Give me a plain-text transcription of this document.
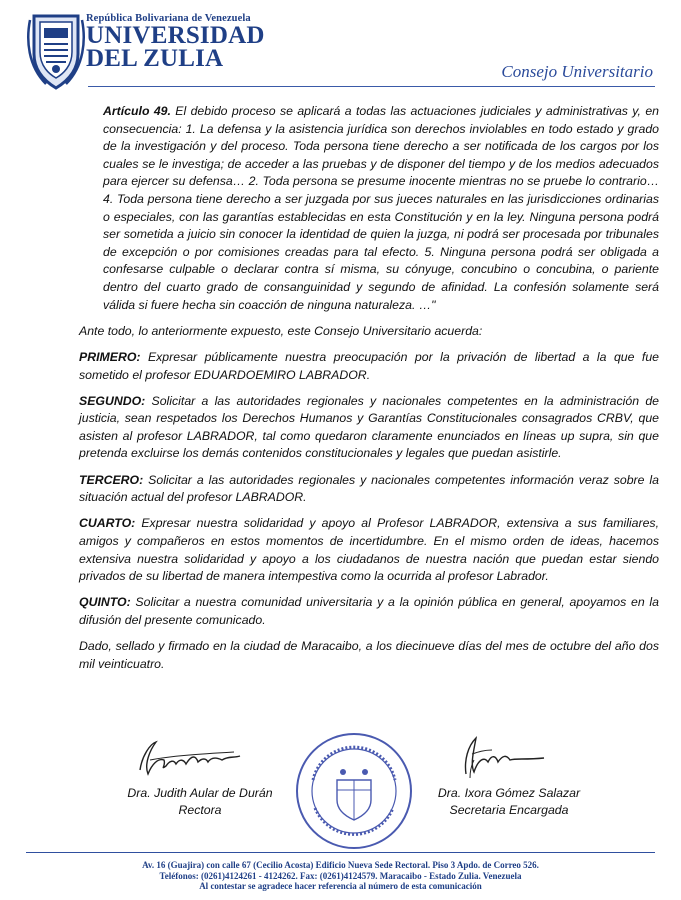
República Bolivariana de Venezuela
UNIVERSIDAD
DEL ZULIA	Consejo Universitario

Artículo 49. El debido proceso se aplicará a todas las actuaciones judiciales y administrativas y, en consecuencia: 1. La defensa y la asistencia jurídica son derechos inviolables en todo estado y grado de la investigación y del proceso. Toda persona tiene derecho a ser notificada de los cargos por los cuales se le investiga; de acceder a las pruebas y de disponer del tiempo y de los medios adecuados para ejercer su defensa… 2. Toda persona se presume inocente mientras no se pruebe lo contrario… 4. Toda persona tiene derecho a ser juzgada por sus jueces naturales en las jurisdicciones ordinarias o especiales, con las garantías establecidas en esta Constitución y en la ley. Ninguna persona podrá ser sometida a juicio sin conocer la identidad de quien la juzga, ni podrá ser procesada por tribunales de excepción o por comisiones creadas para tal efecto. 5. Ninguna persona podrá ser obligada a confesarse culpable o declarar contra sí misma, su cónyuge, concubino o concubina, o pariente dentro del cuarto grado de consanguinidad y segundo de afinidad. La confesión solamente será válida si fuere hecha sin coacción de ninguna naturaleza. …"

Ante todo, lo anteriormente expuesto, este Consejo Universitario acuerda:

PRIMERO: Expresar públicamente nuestra preocupación por la privación de libertad a la que fue sometido el profesor EDUARDOEMIRO LABRADOR.

SEGUNDO: Solicitar a las autoridades regionales y nacionales competentes en la administración de justicia, sean respetados los Derechos Humanos y Garantías Constitucionales consagrados CRBV, que asisten al profesor LABRADOR, tal como quedaron claramente enunciados en líneas up supra, sin que pretenda excluirse los demás contenidos constitucionales y legales que puedan asistirle.

TERCERO: Solicitar a las autoridades regionales y nacionales competentes información veraz sobre la situación actual del profesor LABRADOR.

CUARTO: Expresar nuestra solidaridad y apoyo al Profesor LABRADOR, extensiva a sus familiares, amigos y compañeros en estos momentos de incertidumbre. En el mismo orden de ideas, hacemos extensiva nuestra solidaridad y apoyo a los ciudadanos de nuestra nación que puedan estar siendo privados de su libertad de manera intempestiva como la ocurrida al profesor Labrador.

QUINTO: Solicitar a nuestra comunidad universitaria y a la opinión pública en general, apoyamos en la difusión del presente comunicado.

Dado, sellado y firmado en la ciudad de Maracaibo, a los diecinueve días del mes de octubre del año dos mil veinticuatro.

Dra. Judith Aular de Durán
Rectora
Dra. Ixora Gómez Salazar
Secretaria Encargada
Av. 16 (Guajira) con calle 67 (Cecilio Acosta) Edificio Nueva Sede Rectoral. Piso 3 Apdo. de Correo 526.
Teléfonos: (0261)4124261 - 4124262. Fax: (0261)4124579. Maracaibo - Estado Zulia. Venezuela
Al contestar se agradece hacer referencia al número de esta comunicación
